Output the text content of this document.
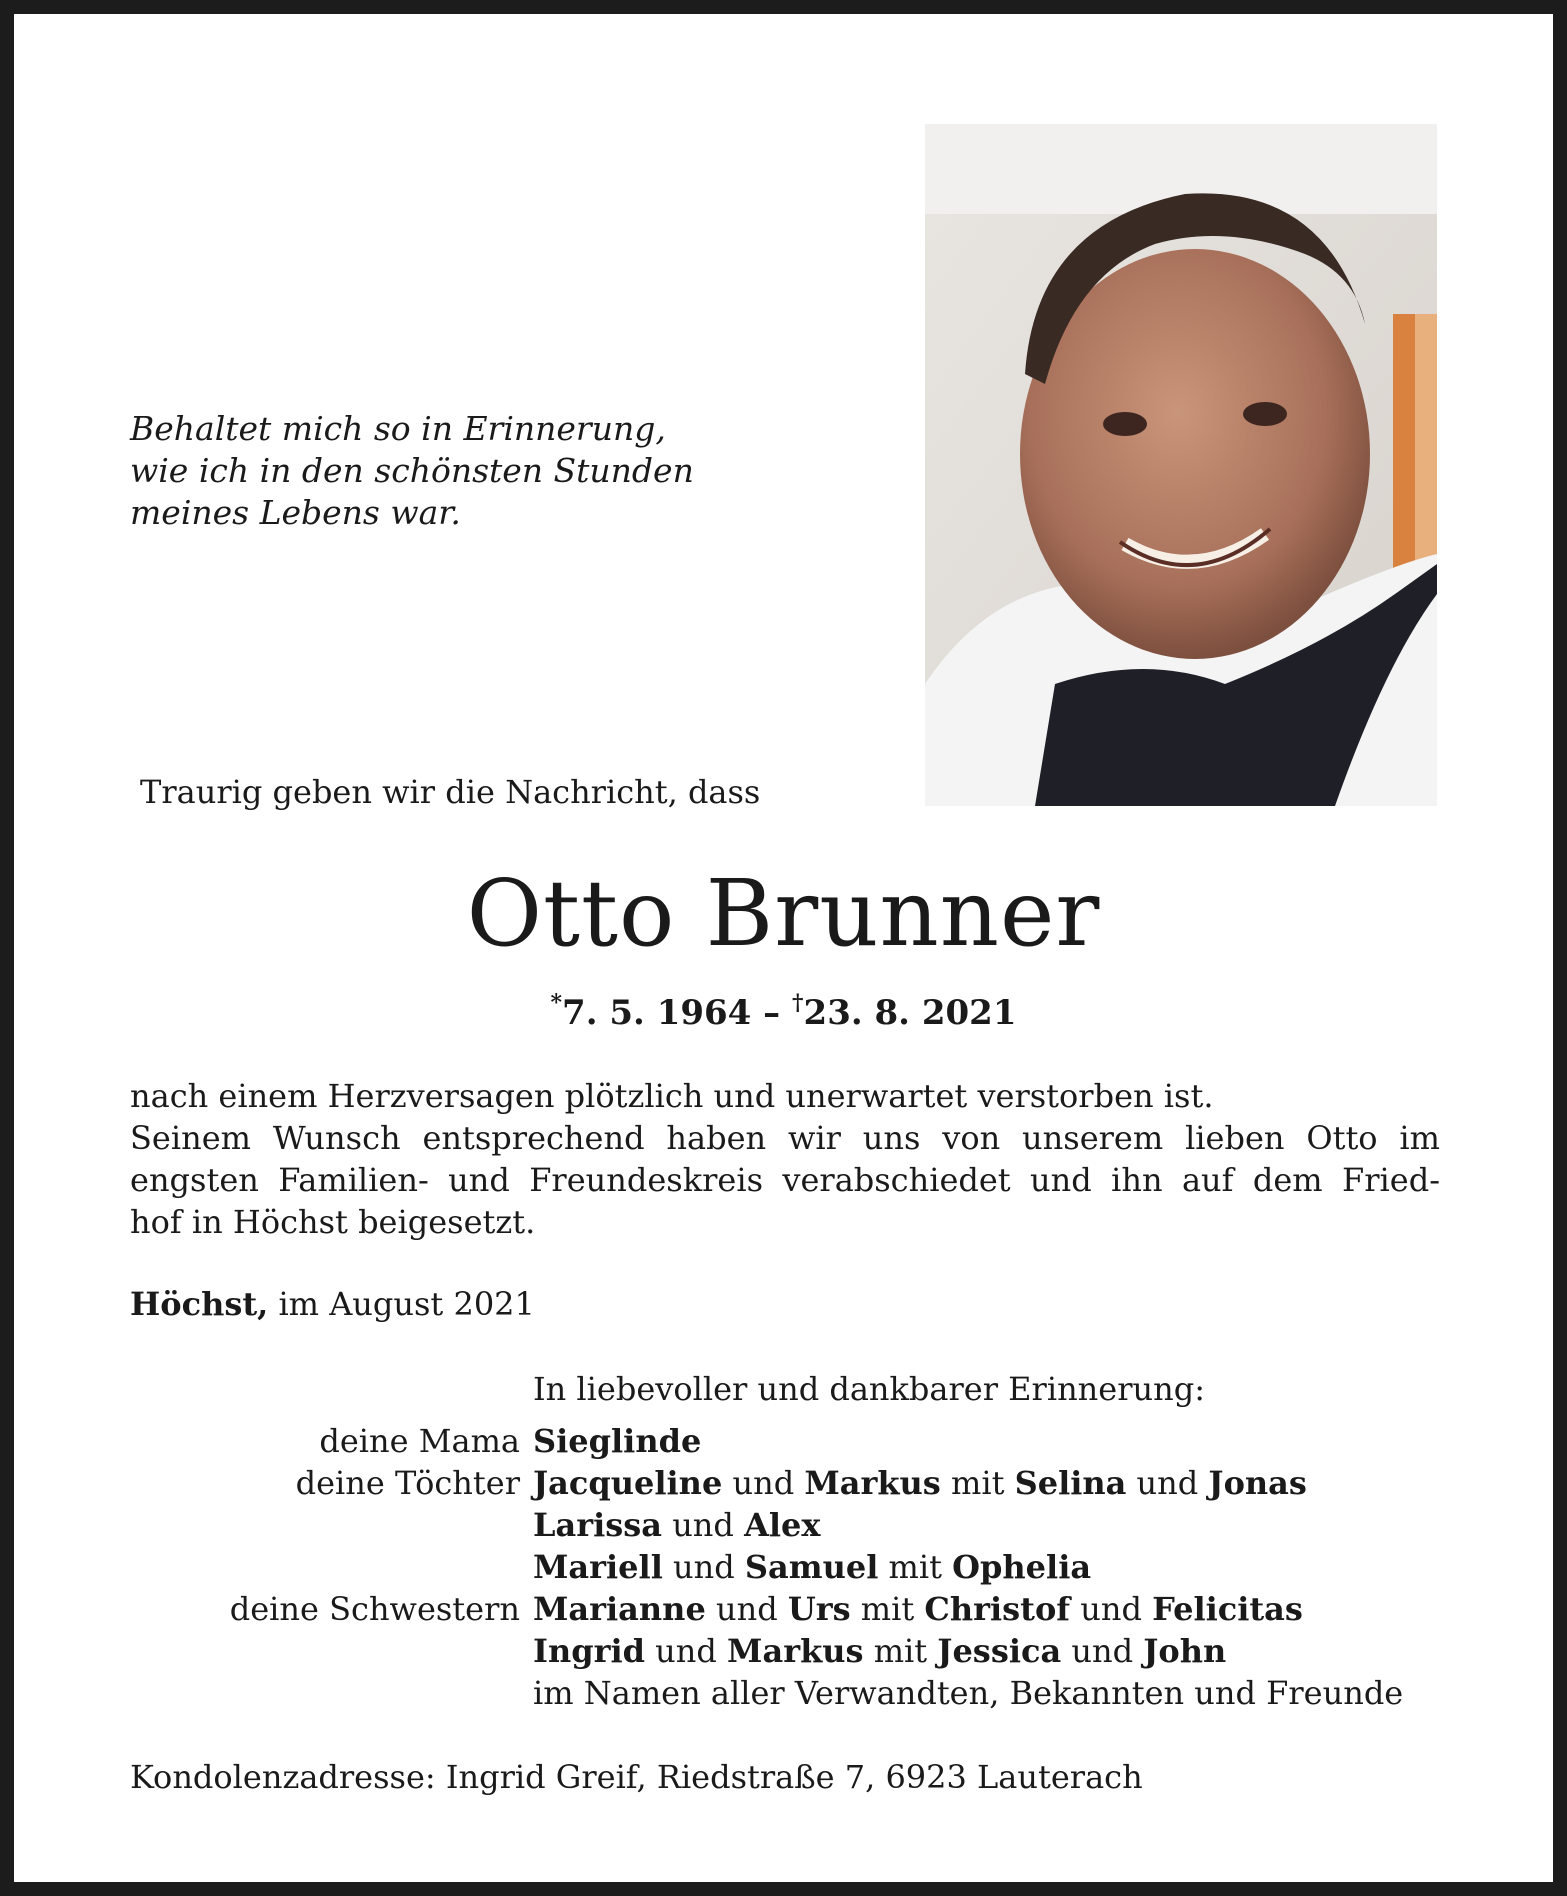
Behaltet mich so in Erinnerung,
wie ich in den schönsten Stunden
meines Lebens war.
Traurig geben wir die Nachricht, dass
Otto Brunner
*7. 5. 1964 – †23. 8. 2021
nach einem Herzversagen plötzlich und unerwartet verstorben ist.
Seinem Wunsch entsprechend haben wir uns von unserem lieben Otto im
engsten Familien- und Freundeskreis verabschiedet und ihn auf dem Fried-
hof in Höchst beigesetzt.
Höchst, im August 2021
In liebevoller und dankbarer Erinnerung:
deine Mama Sieglinde
deine Töchter Jacqueline und Markus mit Selina und Jonas
Larissa und Alex
Mariell und Samuel mit Ophelia
deine Schwestern Marianne und Urs mit Christof und Felicitas
Ingrid und Markus mit Jessica und John
im Namen aller Verwandten, Bekannten und Freunde
Kondolenzadresse: Ingrid Greif, Riedstraße 7, 6923 Lauterach
